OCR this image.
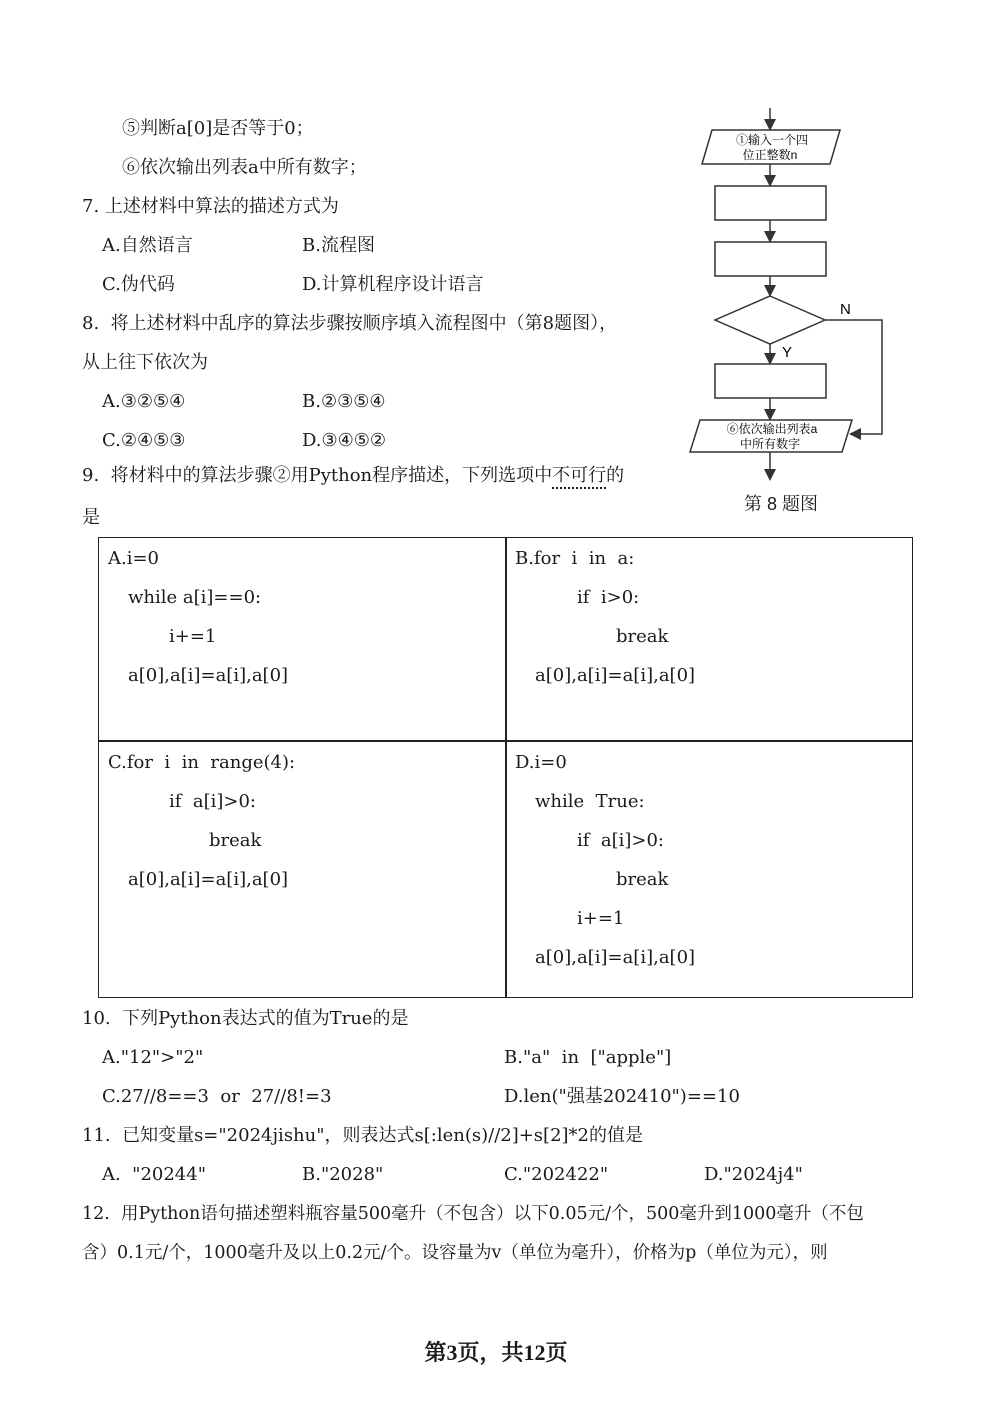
⑤判断a[0]是否等于0；
⑥依次输出列表a中所有数字；
7. 上述材料中算法的描述方式为
A.自然语言	B.流程图
C.伪代码	D.计算机程序设计语言
8.  将上述材料中乱序的算法步骤按顺序填入流程图中（第8题图），
从上往下依次为
A.③②⑤④	B.②③⑤④
C.②④⑤③	D.③④⑤②
9.  将材料中的算法步骤②用Python程序描述，下列选项中不可行的
是
A.i=0
while a[i]==0:
i+=1
a[0],a[i]=a[i],a[0]
B.for  i  in  a:
if  i>0:
break
a[0],a[i]=a[i],a[0]
C.for  i  in  range(4):
if  a[i]>0:
break
a[0],a[i]=a[i],a[0]
D.i=0
while  True:
if  a[i]>0:
break
i+=1
a[0],a[i]=a[i],a[0]
10.  下列Python表达式的值为True的是
A."12">"2"	B."a"  in  ["apple"]
C.27//8==3  or  27//8!=3	D.len("强基202410")==10
11.  已知变量s="2024jishu"，则表达式s[:len(s)//2]+s[2]*2的值是
A.  "20244"	B."2028"	C."202422"	D."2024j4"
12.  用Python语句描述塑料瓶容量500毫升（不包含）以下0.05元/个，500毫升到1000毫升（不包
含）0.1元/个，1000毫升及以上0.2元/个。设容量为v（单位为毫升），价格为p（单位为元），则
①输入一个四
位正整数n
N
Y
⑥依次输出列表a
中所有数字
第 8 题图
第3页，共12页
